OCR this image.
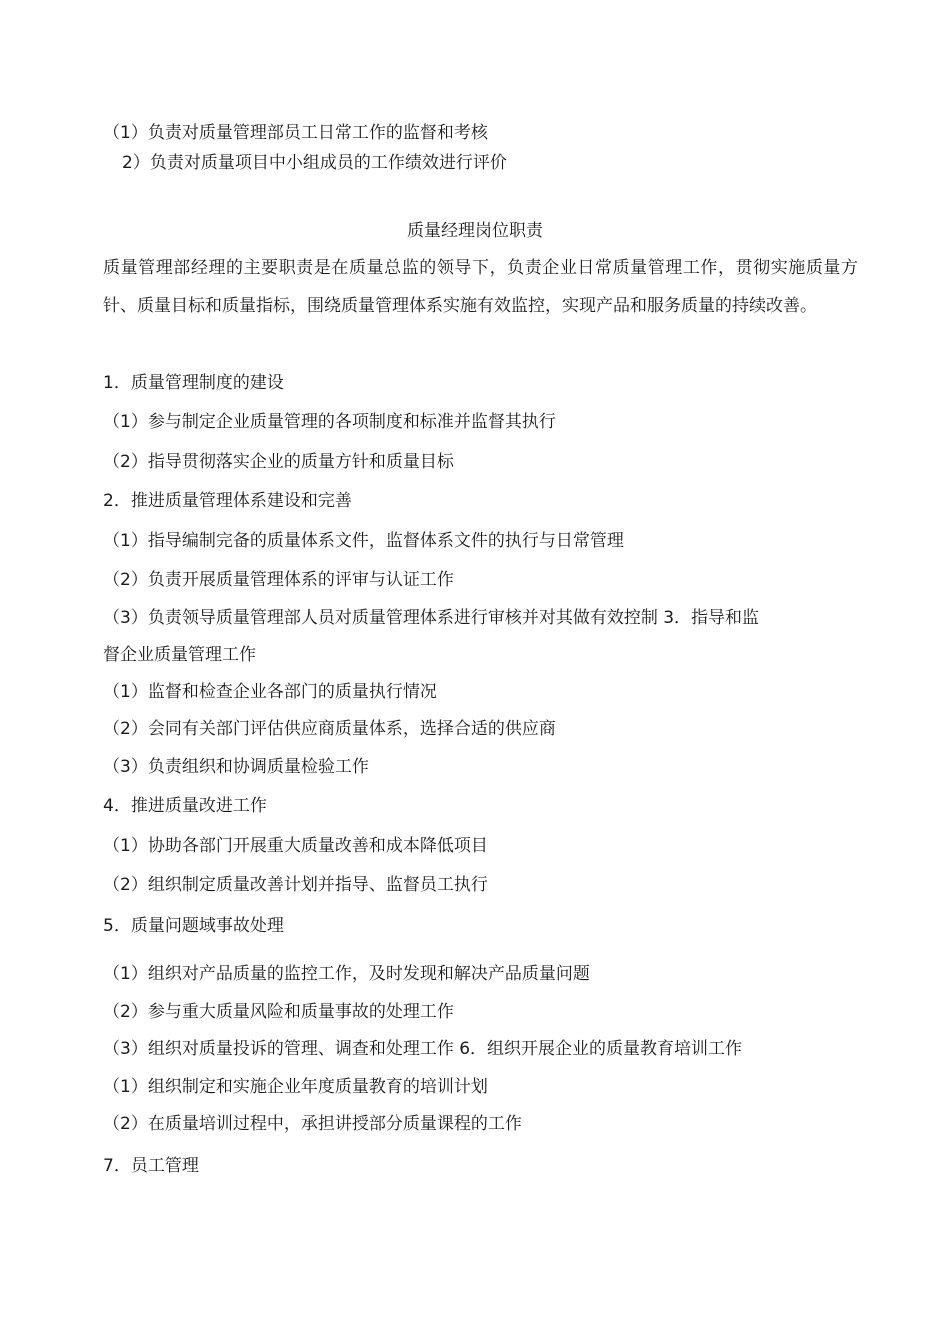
（1）负责对质量管理部员工日常工作的监督和考核
2）负责对质量项目中小组成员的工作绩效进行评价
质量经理岗位职责
质量管理部经理的主要职责是在质量总监的领导下，负责企业日常质量管理工作，贯彻实施质量方针、质量目标和质量指标，围绕质量管理体系实施有效监控，实现产品和服务质量的持续改善。
1．质量管理制度的建设
（1）参与制定企业质量管理的各项制度和标准并监督其执行
（2）指导贯彻落实企业的质量方针和质量目标
2．推进质量管理体系建设和完善
（1）指导编制完备的质量体系文件，监督体系文件的执行与日常管理
（2）负责开展质量管理体系的评审与认证工作
（3）负责领导质量管理部人员对质量管理体系进行审核并对其做有效控制 3．指导和监
督企业质量管理工作
（1）监督和检查企业各部门的质量执行情况
（2）会同有关部门评估供应商质量体系，选择合适的供应商
（3）负责组织和协调质量检验工作
4．推进质量改进工作
（1）协助各部门开展重大质量改善和成本降低项目
（2）组织制定质量改善计划并指导、监督员工执行
5．质量问题域事故处理
（1）组织对产品质量的监控工作，及时发现和解决产品质量问题
（2）参与重大质量风险和质量事故的处理工作
（3）组织对质量投诉的管理、调查和处理工作 6．组织开展企业的质量教育培训工作
（1）组织制定和实施企业年度质量教育的培训计划
（2）在质量培训过程中，承担讲授部分质量课程的工作
7．员工管理
